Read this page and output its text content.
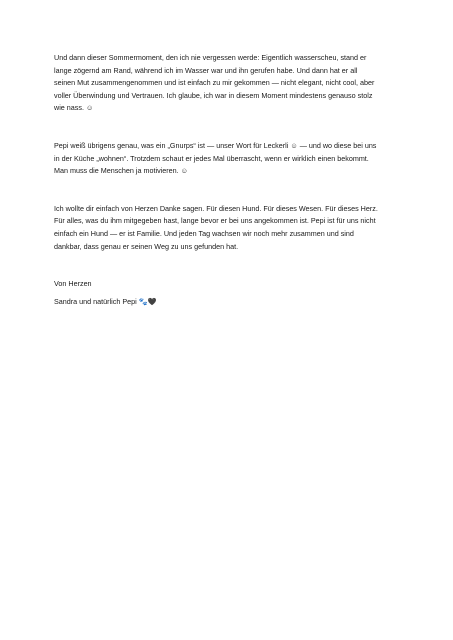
Und dann dieser Sommermoment, den ich nie vergessen werde: Eigentlich wasserscheu, stand er
lange zögernd am Rand, während ich im Wasser war und ihn gerufen habe. Und dann hat er all
seinen Mut zusammengenommen und ist einfach zu mir gekommen — nicht elegant, nicht cool, aber
voller Überwindung und Vertrauen. Ich glaube, ich war in diesem Moment mindestens genauso stolz
wie nass. ☺

Pepi weiß übrigens genau, was ein „Gnurps“ ist — unser Wort für Leckerli ☺ — und wo diese bei uns
in der Küche „wohnen“. Trotzdem schaut er jedes Mal überrascht, wenn er wirklich einen bekommt.
Man muss die Menschen ja motivieren. ☺

Ich wollte dir einfach von Herzen Danke sagen. Für diesen Hund. Für dieses Wesen. Für dieses Herz.
Für alles, was du ihm mitgegeben hast, lange bevor er bei uns angekommen ist. Pepi ist für uns nicht
einfach ein Hund — er ist Familie. Und jeden Tag wachsen wir noch mehr zusammen und sind
dankbar, dass genau er seinen Weg zu uns gefunden hat.

Von Herzen

Sandra und natürlich Pepi 🐾🖤
